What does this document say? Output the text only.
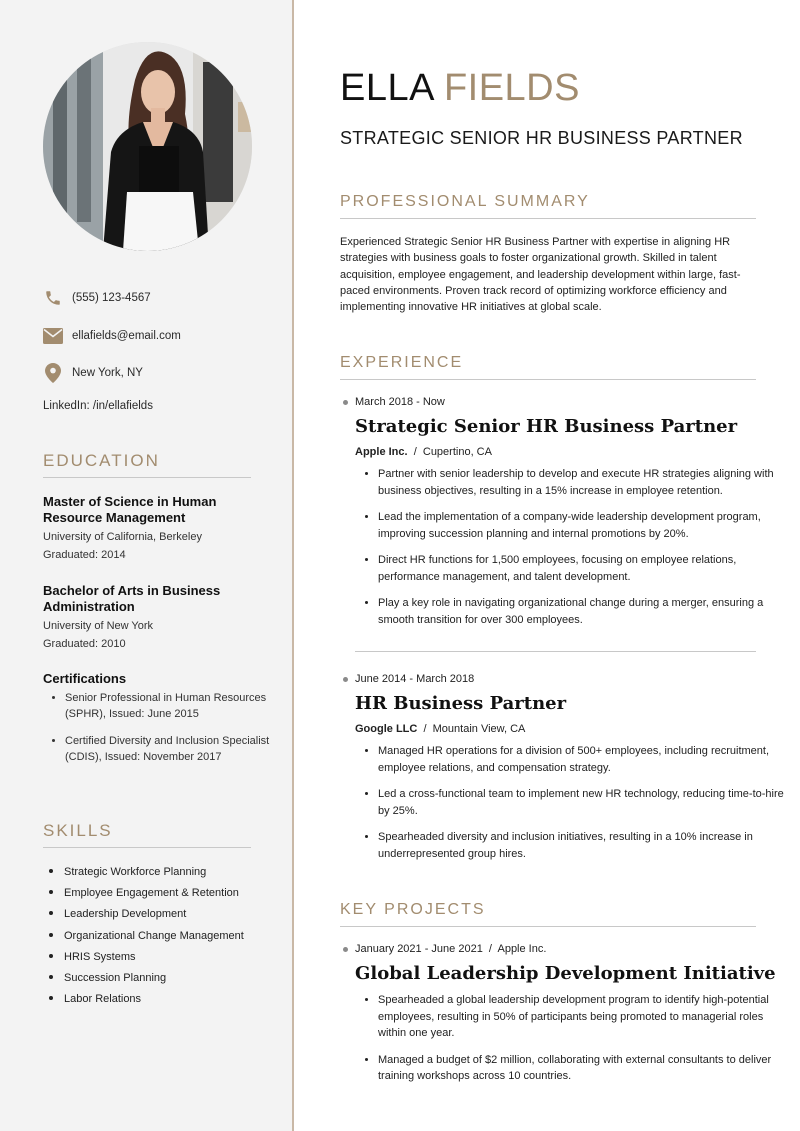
(555) 123-4567
ellafields@email.com
New York, NY
LinkedIn: /in/ellafields
EDUCATION
Master of Science in Human Resource Management
University of California, Berkeley
Graduated: 2014
Bachelor of Arts in Business Administration
University of New York
Graduated: 2010
Certifications
• Senior Professional in Human Resources (SPHR), Issued: June 2015
• Certified Diversity and Inclusion Specialist (CDIS), Issued: November 2017
SKILLS
• Strategic Workforce Planning
• Employee Engagement & Retention
• Leadership Development
• Organizational Change Management
• HRIS Systems
• Succession Planning
• Labor Relations
ELLA FIELDS
STRATEGIC SENIOR HR BUSINESS PARTNER
PROFESSIONAL SUMMARY
Experienced Strategic Senior HR Business Partner with expertise in aligning HR strategies with business goals to foster organizational growth. Skilled in talent acquisition, employee engagement, and leadership development within large, fast-paced environments. Proven track record of optimizing workforce efficiency and implementing innovative HR initiatives at global scale.
EXPERIENCE
March 2018 - Now
Strategic Senior HR Business Partner
Apple Inc. / Cupertino, CA
• Partner with senior leadership to develop and execute HR strategies aligning with business objectives, resulting in a 15% increase in employee retention.
• Lead the implementation of a company-wide leadership development program, improving succession planning and internal promotions by 20%.
• Direct HR functions for 1,500 employees, focusing on employee relations, performance management, and talent development.
• Play a key role in navigating organizational change during a merger, ensuring a smooth transition for over 300 employees.
June 2014 - March 2018
HR Business Partner
Google LLC / Mountain View, CA
• Managed HR operations for a division of 500+ employees, including recruitment, employee relations, and compensation strategy.
• Led a cross-functional team to implement new HR technology, reducing time-to-hire by 25%.
• Spearheaded diversity and inclusion initiatives, resulting in a 10% increase in underrepresented group hires.
KEY PROJECTS
January 2021 - June 2021  /  Apple Inc.
Global Leadership Development Initiative
• Spearheaded a global leadership development program to identify high-potential employees, resulting in 50% of participants being promoted to managerial roles within one year.
• Managed a budget of $2 million, collaborating with external consultants to deliver training workshops across 10 countries.
